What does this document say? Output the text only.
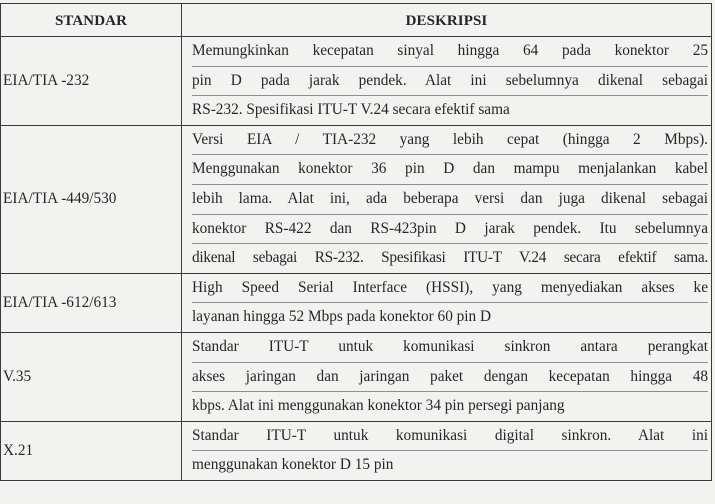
STANDAR	DESKRIPSI
EIA/TIA -232	Memungkinkan kecepatan sinyal hingga 64 pada konektor 25
pin D pada jarak pendek. Alat ini sebelumnya dikenal sebagai
RS-232. Spesifikasi ITU-T V.24 secara efektif sama

EIA/TIA -449/530	Versi EIA / TIA-232 yang lebih cepat (hingga 2 Mbps).
Menggunakan konektor 36 pin D dan mampu menjalankan kabel
lebih lama. Alat ini, ada beberapa versi dan juga dikenal sebagai
konektor RS-422 dan RS-423pin D jarak pendek. Itu sebelumnya
dikenal sebagai RS-232. Spesifikasi ITU-T V.24 secara efektif sama.

EIA/TIA -612/613	High Speed Serial Interface (HSSI), yang menyediakan akses ke
layanan hingga 52 Mbps pada konektor 60 pin D

V.35	Standar ITU-T untuk komunikasi sinkron antara perangkat
akses jaringan dan jaringan paket dengan kecepatan hingga 48
kbps. Alat ini menggunakan konektor 34 pin persegi panjang

X.21	Standar ITU-T untuk komunikasi digital sinkron. Alat ini
menggunakan konektor D 15 pin
